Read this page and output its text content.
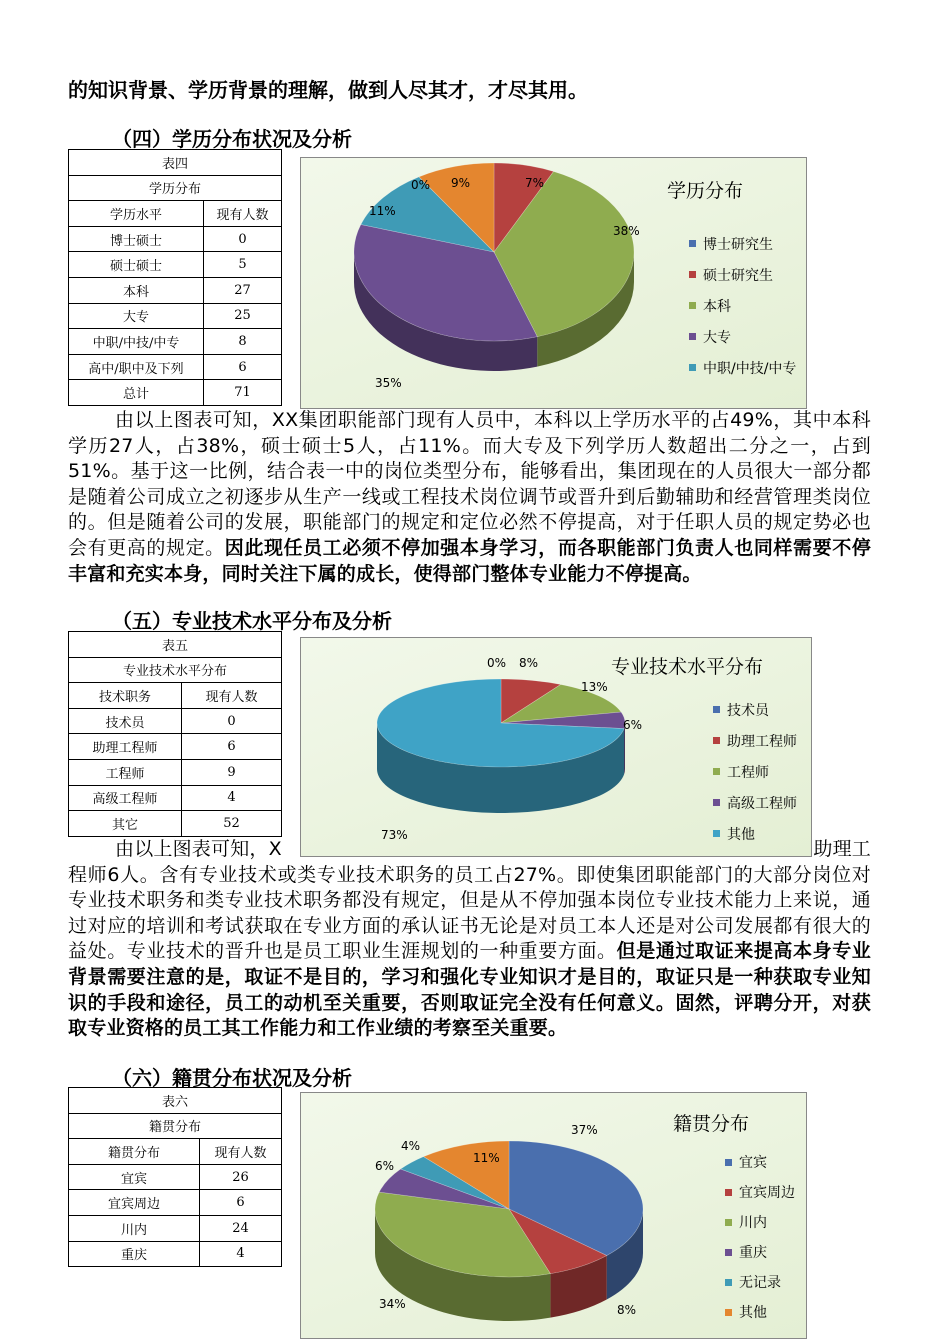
的知识背景、学历背景的理解，做到人尽其才，才尽其用。
（四）学历分布状况及分析
表四	
学历分布	
学历水平	现有人数
博士硕士	0
硕士硕士	5
本科	27
大专	25
中职/中技/中专	8
高中/职中及下列	6
总计	71
学历分布
博士研究生
硕士研究生
本科
大专
中职/中技/中专
0%	7%
38%
35%
11%
9%
由以上图表可知，XX集团职能部门现有人员中，本科以上学历水平的占49%，其中本科学历27人，占38%，硕士硕士5人，占11%。而大专及下列学历人数超出二分之一，占到51%。基于这一比例，结合表一中的岗位类型分布，能够看出，集团现在的人员很大一部分都是随着公司成立之初逐步从生产一线或工程技术岗位调节或晋升到后勤辅助和经营管理类岗位的。但是随着公司的发展，职能部门的规定和定位必然不停提高，对于任职人员的规定势必也会有更高的规定。因此现任员工必须不停加强本身学习，而各职能部门负责人也同样需要不停丰富和充实本身，同时关注下属的成长，使得部门整体专业能力不停提高。
（五）专业技术水平分布及分析
表五	
专业技术水平分布	
技术职务	现有人数
技术员	0
助理工程师	6
工程师	9
高级工程师	4
其它	52
专业技术水平分布
技术员
助理工程师
工程师
高级工程师
其他
0% 8%
13%
6%
73%
由以上图表可知，X	助理工
程师6人。含有专业技术或类专业技术职务的员工占27%。即使集团职能部门的大部分岗位对专业技术职务和类专业技术职务都没有规定，但是从不停加强本岗位专业技术能力上来说，通过对应的培训和考试获取在专业方面的承认证书无论是对员工本人还是对公司发展都有很大的益处。专业技术的晋升也是员工职业生涯规划的一种重要方面。但是通过取证来提高本身专业背景需要注意的是，取证不是目的，学习和强化专业知识才是目的，取证只是一种获取专业知识的手段和途径，员工的动机至关重要，否则取证完全没有任何意义。固然，评聘分开，对获取专业资格的员工其工作能力和工作业绩的考察至关重要。
（六）籍贯分布状况及分析
表六	
籍贯分布	
籍贯分布	现有人数
宜宾	26
宜宾周边	6
川内	24
重庆	4
籍贯分布
宜宾
宜宾周边
川内
重庆
无记录
其他
37%
8%
34%
6%
4%
11%
